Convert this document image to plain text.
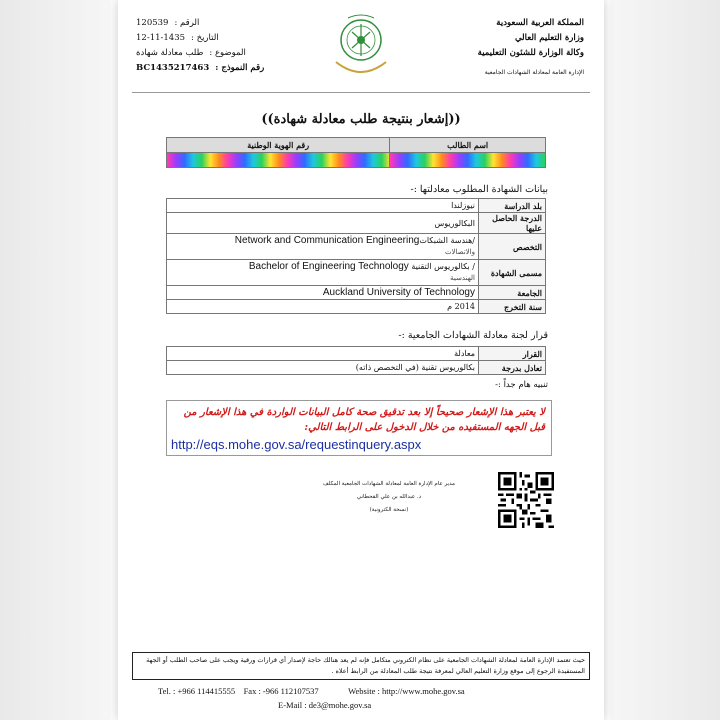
المملكة العربية السعودية
وزارة التعليم العالي
وكالة الوزارة للشئون التعليمية
الإدارة العامة لمعادلة الشهادات الجامعية
الرقم :
120539
التاريخ :
12-11-1435
الموضوع :
طلب معادلة شهادة
رقم النموذج :
BC1435217463
((إشعار بنتيجة طلب معادلة شهادة))
اسم الطالب	رقم الهوية الوطنية

بيانات الشهادة المطلوب معادلتها :-
بلد الدراسة	نيوزلندا
الدرجة الحاصل عليها	البكالوريوس
التخصص	/هندسة الشبكاتNetwork and Communication Engineering
والاتصالات
مسمى الشهادة	/ بكالوريوس التقنية Bachelor of Engineering Technology
الهندسية
الجامعة	Auckland University of Technology
سنة التخرج	2014 م
قرار لجنة معادلة الشهادات الجامعية :-
القرار	معادلة
تعادل بدرجة	بكالوريوس تقنية (في التخصص ذاته)
تنبيه هام جداً :-
لا يعتبر هذا الإشعار صحيحاً إلا بعد تدقيق صحة كامل البيانات الواردة في هذا الإشعار من قبل الجهه المستفيده من خلال الدخول على الرابط التالي:
http://eqs.mohe.gov.sa/requestinquery.aspx
مدير عام الإدارة العامة لمعادلة الشهادات الجامعية المكلف
د. عبدالله بن علي القحطاني
(نسخة الكترونية)
حيث تعتمد الإدارة العامة لمعادلة الشهادات الجامعية على نظام الكتروني متكامل فإنه لم يعد هنالك حاجة لإصدار أي قرارات ورقية ويجب على صاحب الطلب أو الجهة المستفيدة الرجوع إلى موقع وزارة التعليم العالي لمعرفة نتيجة طلب المعادلة من الرابط أعلاه .
Tel. : +966 114415555    Fax : -966 112107537              Website : http://www.mohe.gov.sa
E-Mail : de3@mohe.gov.sa
